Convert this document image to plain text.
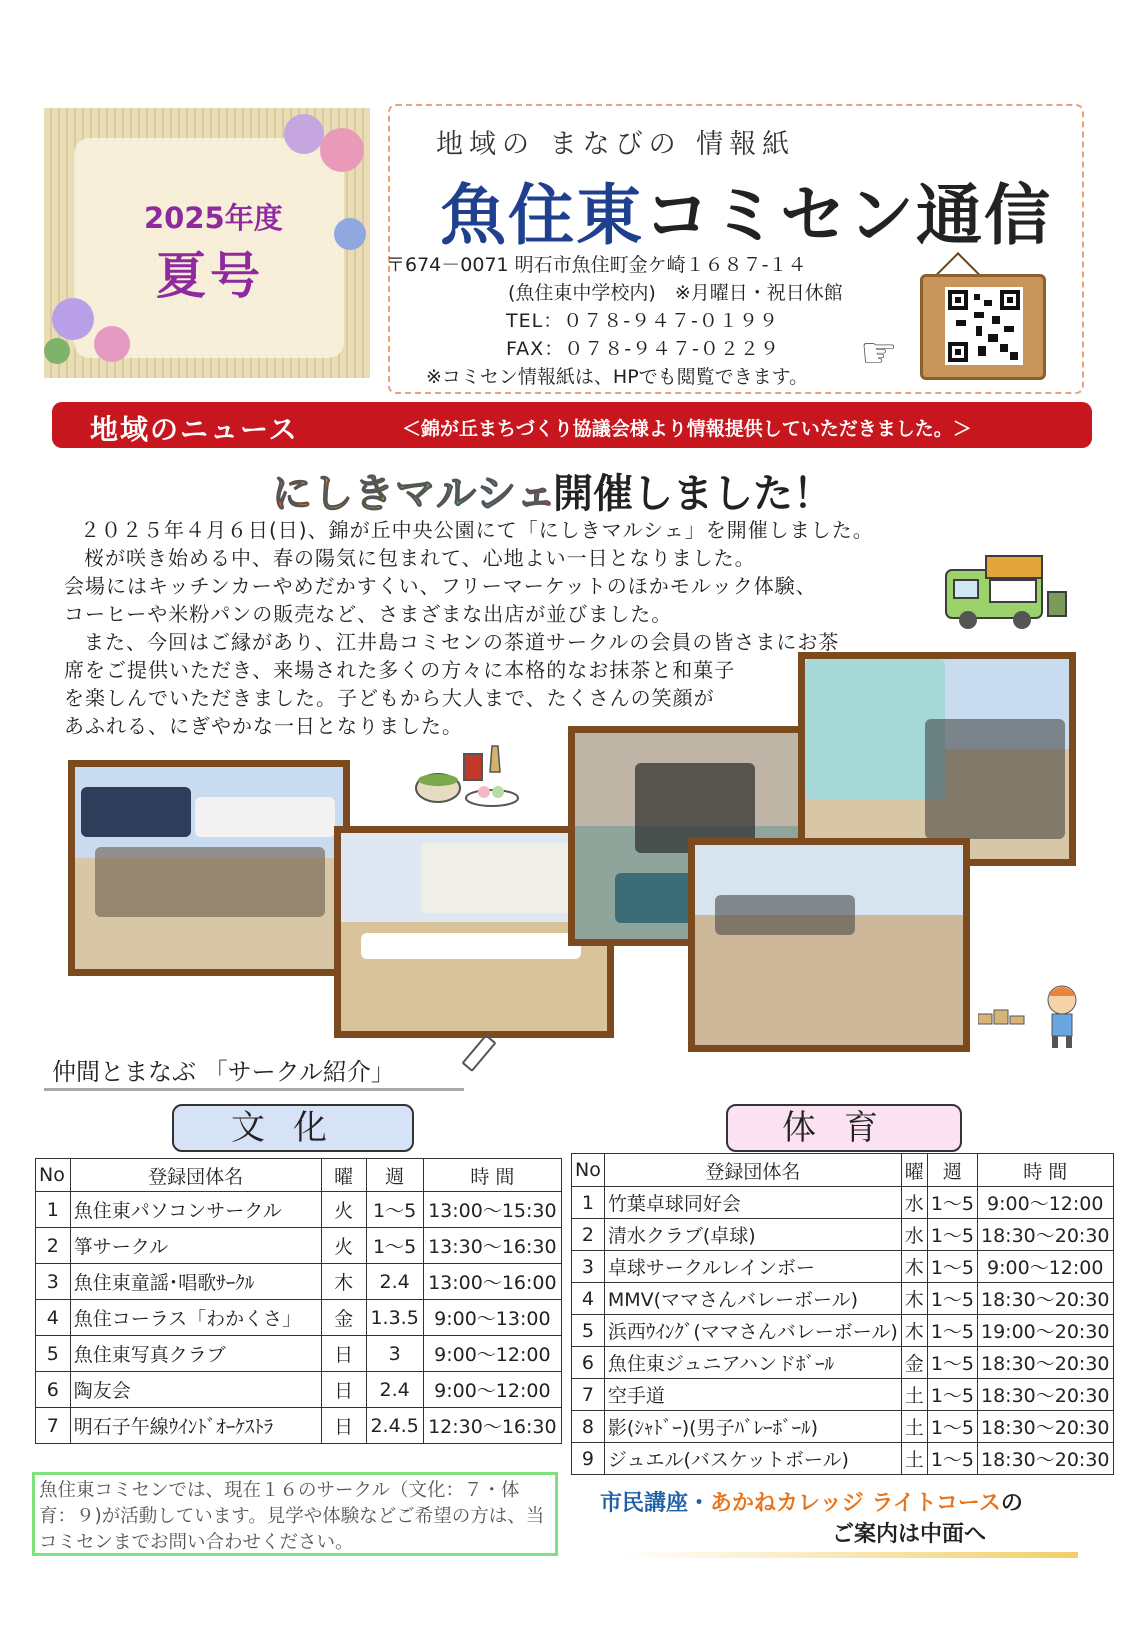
2025年度
夏号
地域の まなびの 情報紙
魚住東コミセン通信
〒674－0071 明石市魚住町金ケ崎１６８７-１４
(魚住東中学校内)　※月曜日・祝日休館
TEL：０７８-９４７-０１９９
FAX：０７８-９４７-０２２９
※コミセン情報紙は、HPでも閲覧できます。 ☞
地域のニュース	＜錦が丘まちづくり協議会様より情報提供していただきました。＞
にしきマルシェ
開催しました！
２０２５年４月６日(日)、錦が丘中央公園にて「にしきマルシェ」を開催しました。
桜が咲き始める中、春の陽気に包まれて、心地よい一日となりました。
会場にはキッチンカーやめだかすくい、フリーマーケットのほかモルック体験、
コーヒーや米粉パンの販売など、さまざまな出店が並びました。
また、今回はご縁があり、江井島コミセンの茶道サークルの会員の皆さまにお茶
席をご提供いただき、来場された多くの方々に本格的なお抹茶と和菓子
を楽しんでいただきました。子どもから大人まで、たくさんの笑顔が
あふれる、にぎやかな一日となりました。
仲間とまなぶ 「サークル紹介」
文化	体育
No	登録団体名	曜	週	時 間
1	魚住東パソコンサークル	火	1～5	13:00～15:30
2	箏サークル	火	1～5	13:30～16:30
3	魚住東童謡･唱歌ｻｰｸﾙ	木	2.4	13:00～16:00
4	魚住コーラス「わかくさ」	金	1.3.5	9:00～13:00
5	魚住東写真クラブ	日	3	9:00～12:00
6	陶友会	日	2.4	9:00～12:00
7	明石子午線ｳｲﾝﾄﾞｵｰｹｽﾄﾗ	日	2.4.5	12:30～16:30
No	登録団体名	曜	週	時 間
1	竹葉卓球同好会	水	1～5	9:00～12:00
2	清水クラブ(卓球)	水	1～5	18:30～20:30
3	卓球サークルレインボー	木	1～5	9:00～12:00
4	MMV(ママさんバレーボール)	木	1～5	18:30～20:30
5	浜西ｳｲﾝｸﾞ(ママさんバレーボール)	木	1～5	19:00～20:30
6	魚住東ジュニアハンドﾎﾞｰﾙ	金	1～5	18:30～20:30
7	空手道	土	1～5	18:30～20:30
8	影(ｼｬﾄﾞｰ)(男子ﾊﾞﾚｰﾎﾞｰﾙ)	土	1～5	18:30～20:30
9	ジュエル(バスケットボール)	土	1～5	18:30～20:30
魚住東コミセンでは、現在１６のサークル（文化：７・体育：９)が活動しています。見学や体験などご希望の方は、当コミセンまでお問い合わせください。
市民講座・あかねカレッジ ライトコースの
ご案内は中面へ
